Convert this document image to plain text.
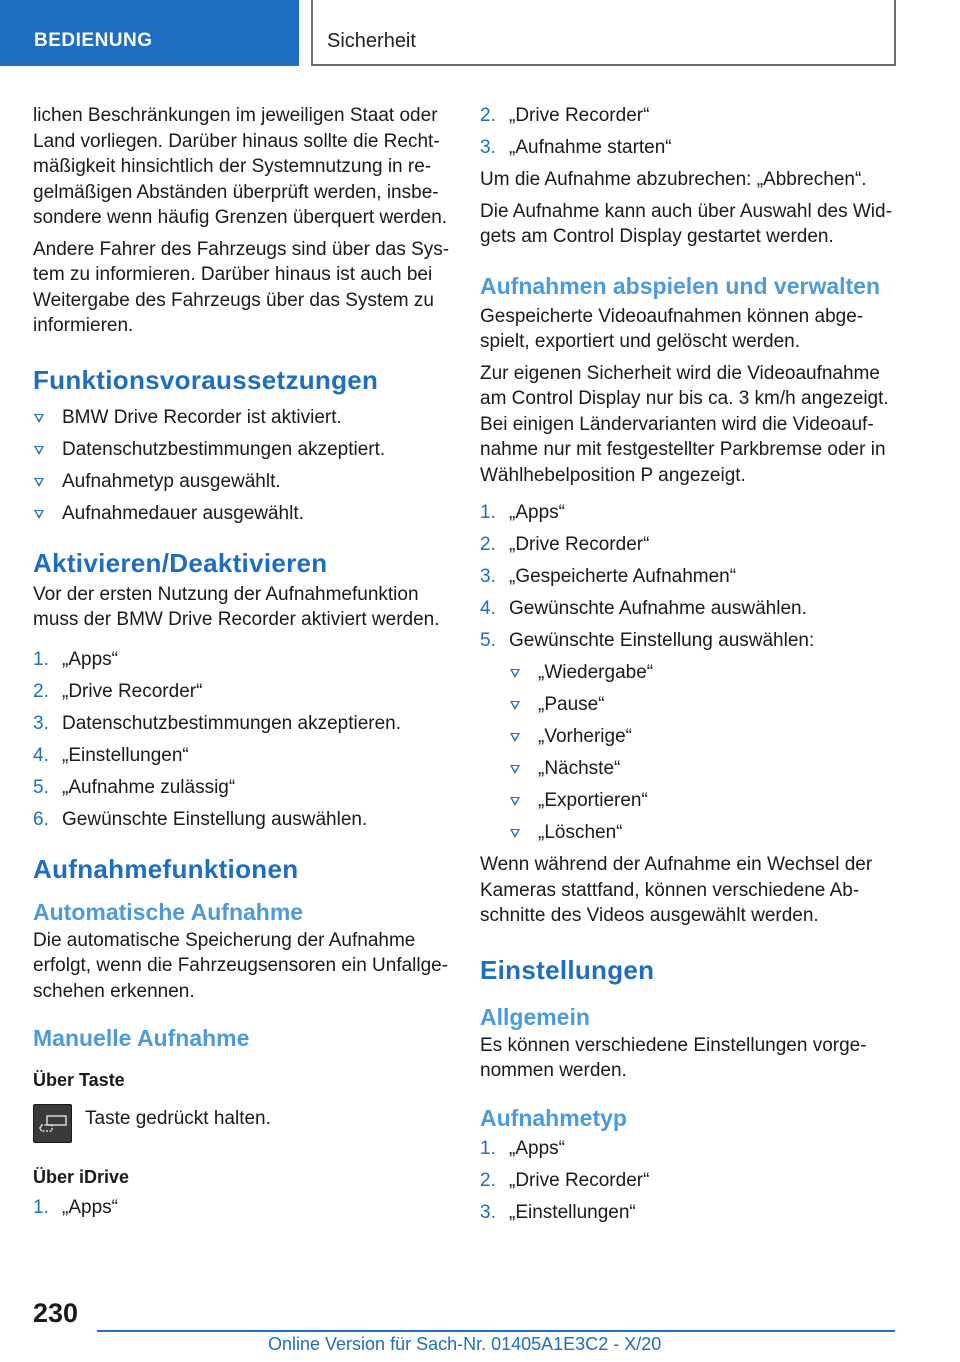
BEDIENUNG	Sicherheit

lichen Beschränkungen im jeweiligen Staat oder Land vorliegen. Darüber hinaus sollte die Rechtmäßigkeit hinsichtlich der Systemnutzung in regelmäßigen Abständen überprüft werden, insbesondere wenn häufig Grenzen überquert werden.

Andere Fahrer des Fahrzeugs sind über das System zu informieren. Darüber hinaus ist auch bei Weitergabe des Fahrzeugs über das System zu informieren.

Funktionsvoraussetzungen
BMW Drive Recorder ist aktiviert.
Datenschutzbestimmungen akzeptiert.
Aufnahmetyp ausgewählt.
Aufnahmedauer ausgewählt.
Aktivieren/Deaktivieren

Vor der ersten Nutzung der Aufnahmefunktion muss der BMW Drive Recorder aktiviert werden.

1. „Apps“
2. „Drive Recorder“
3. Datenschutzbestimmungen akzeptieren.
4. „Einstellungen“
5. „Aufnahme zulässig“
6. Gewünschte Einstellung auswählen.
Aufnahmefunktionen
Automatische Aufnahme

Die automatische Speicherung der Aufnahme erfolgt, wenn die Fahrzeugsensoren ein Unfallgeschehen erkennen.

Manuelle Aufnahme
Über Taste

Taste gedrückt halten.

Über iDrive
1. „Apps“
2. „Drive Recorder“
3. „Aufnahme starten“

Um die Aufnahme abzubrechen: „Abbrechen“.

Die Aufnahme kann auch über Auswahl des Widgets am Control Display gestartet werden.

Aufnahmen abspielen und verwalten

Gespeicherte Videoaufnahmen können abgespielt, exportiert und gelöscht werden.

Zur eigenen Sicherheit wird die Videoaufnahme am Control Display nur bis ca. 3 km/h angezeigt. Bei einigen Ländervarianten wird die Videoaufnahme nur mit festgestellter Parkbremse oder in Wählhebelposition P angezeigt.

1. „Apps“
2. „Drive Recorder“
3. „Gespeicherte Aufnahmen“
4. Gewünschte Aufnahme auswählen.
5. Gewünschte Einstellung auswählen:
„Wiedergabe“
„Pause“
„Vorherige“
„Nächste“
„Exportieren“
„Löschen“

Wenn während der Aufnahme ein Wechsel der Kameras stattfand, können verschiedene Abschnitte des Videos ausgewählt werden.

Einstellungen
Allgemein

Es können verschiedene Einstellungen vorgenommen werden.

Aufnahmetyp
1. „Apps“
2. „Drive Recorder“
3. „Einstellungen“
230
Online Version für Sach-Nr. 01405A1E3C2 - X/20
